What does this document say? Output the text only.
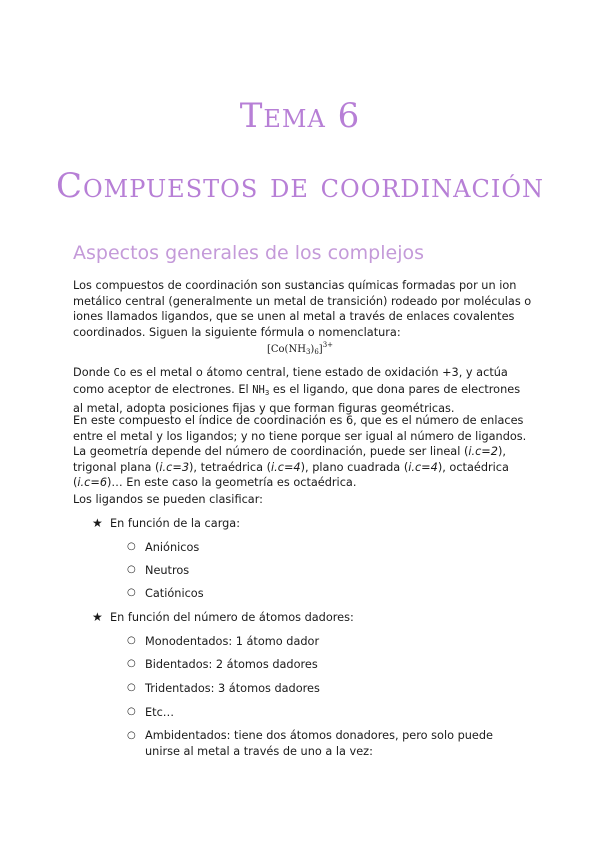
Tema 6
Compuestos de coordinación
Aspectos generales de los complejos
Los compuestos de coordinación son sustancias químicas formadas por un ion metálico central (generalmente un metal de transición) rodeado por moléculas o iones llamados ligandos, que se unen al metal a través de enlaces covalentes coordinados. Siguen la siguiente fórmula o nomenclatura:
$[Co(NH_3)_6]^{3+}$
Donde Co es el metal o átomo central, tiene estado de oxidación +3, y actúa como aceptor de electrones. El $NH_3$ es el ligando, que dona pares de electrones al metal, adopta posiciones fijas y que forman figuras geométricas.
En este compuesto el índice de coordinación es 6, que es el número de enlaces entre el metal y los ligandos; y no tiene porque ser igual al número de ligandos. La geometría depende del número de coordinación, puede ser lineal (i.c=2), trigonal plana (i.c=3), tetraédrica (i.c=4), plano cuadrada (i.c=4), octaédrica (i.c=6)… En este caso la geometría es octaédrica.
Los ligandos se pueden clasificar:
★ En función de la carga:
○ Aniónicos
○ Neutros
○ Catiónicos
★ En función del número de átomos dadores:
○ Monodentados: 1 átomo dador
○ Bidentados: 2 átomos dadores
○ Tridentados: 3 átomos dadores
○ Etc…
○ Ambidentados: tiene dos átomos donadores, pero solo puede unirse al metal a través de uno a la vez:
